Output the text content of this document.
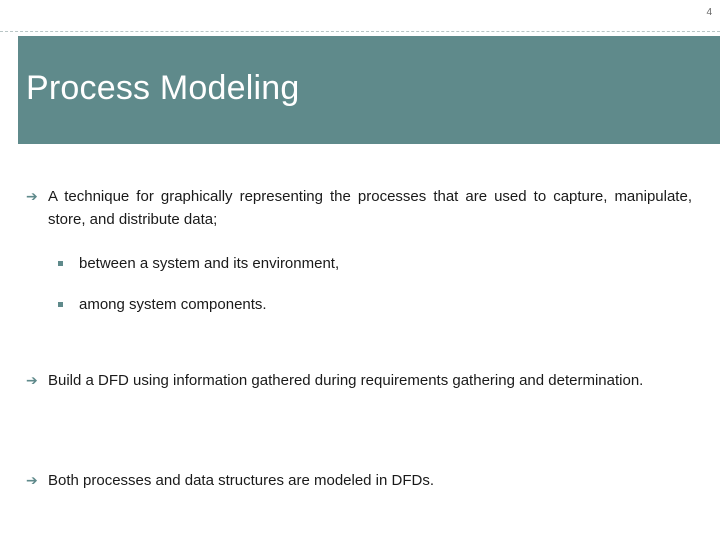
4
Process Modeling
➔ A technique for graphically representing the processes that are used to capture, manipulate, store, and distribute data;
between a system and its environment,
among system components.
➔ Build a DFD using information gathered during requirements gathering and determination.
➔ Both processes and data structures are modeled in DFDs.
